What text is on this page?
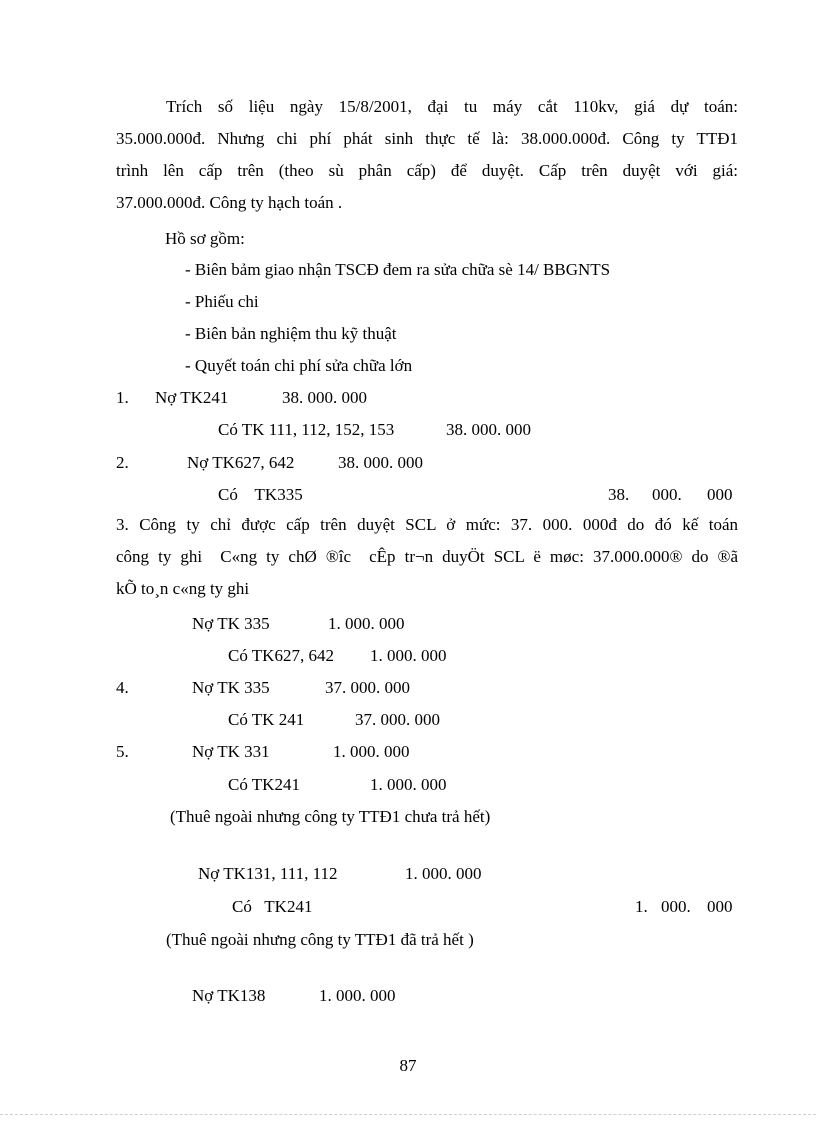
Trích số liệu ngày 15/8/2001, đại tu máy cắt 110kv, giá dự toán:

35.000.000đ. Nhưng chi phí phát sinh thực tế là: 38.000.000đ. Công ty TTĐ1

trình lên cấp trên (theo sù phân cấp) để duyệt. Cấp trên duyệt với giá:

37.000.000đ. Công ty hạch toán .

Hồ sơ gồm:
- Biên bảm giao nhận TSCĐ đem ra sửa chữa sè 14/ BBGNTS
- Phiếu chi
- Biên bản nghiệm thu kỹ thuật
- Quyết toán chi phí sửa chữa lớn
1. Nợ TK241	38. 000. 000
Có TK 111, 112, 152, 153	38. 000. 000
2.	Nợ TK627, 642	38. 000. 000
Có    TK335	38. 000. 000

3. Công ty chỉ được cấp trên duyệt SCL ở mức: 37. 000. 000đ do đó kế toán

công ty ghi  C«ng ty chØ ®îc  cÊp tr¬n duyÖt SCL ë møc: 37.000.000® do ®ã

kÕ to¸n c«ng ty ghi

Nợ TK 335	1. 000. 000
Có TK627, 642 1. 000. 000
4.	Nợ TK 335	37. 000. 000
Có TK 241	37. 000. 000
5.	Nợ TK 331	1. 000. 000
Có TK241	1. 000. 000
(Thuê ngoài nhưng công ty TTĐ1 chưa trả hết)
Nợ TK131, 111, 112	1. 000. 000
Có   TK241	1. 000. 000
(Thuê ngoài nhưng công ty TTĐ1 đã trả hết )
Nợ TK138	1. 000. 000
87
